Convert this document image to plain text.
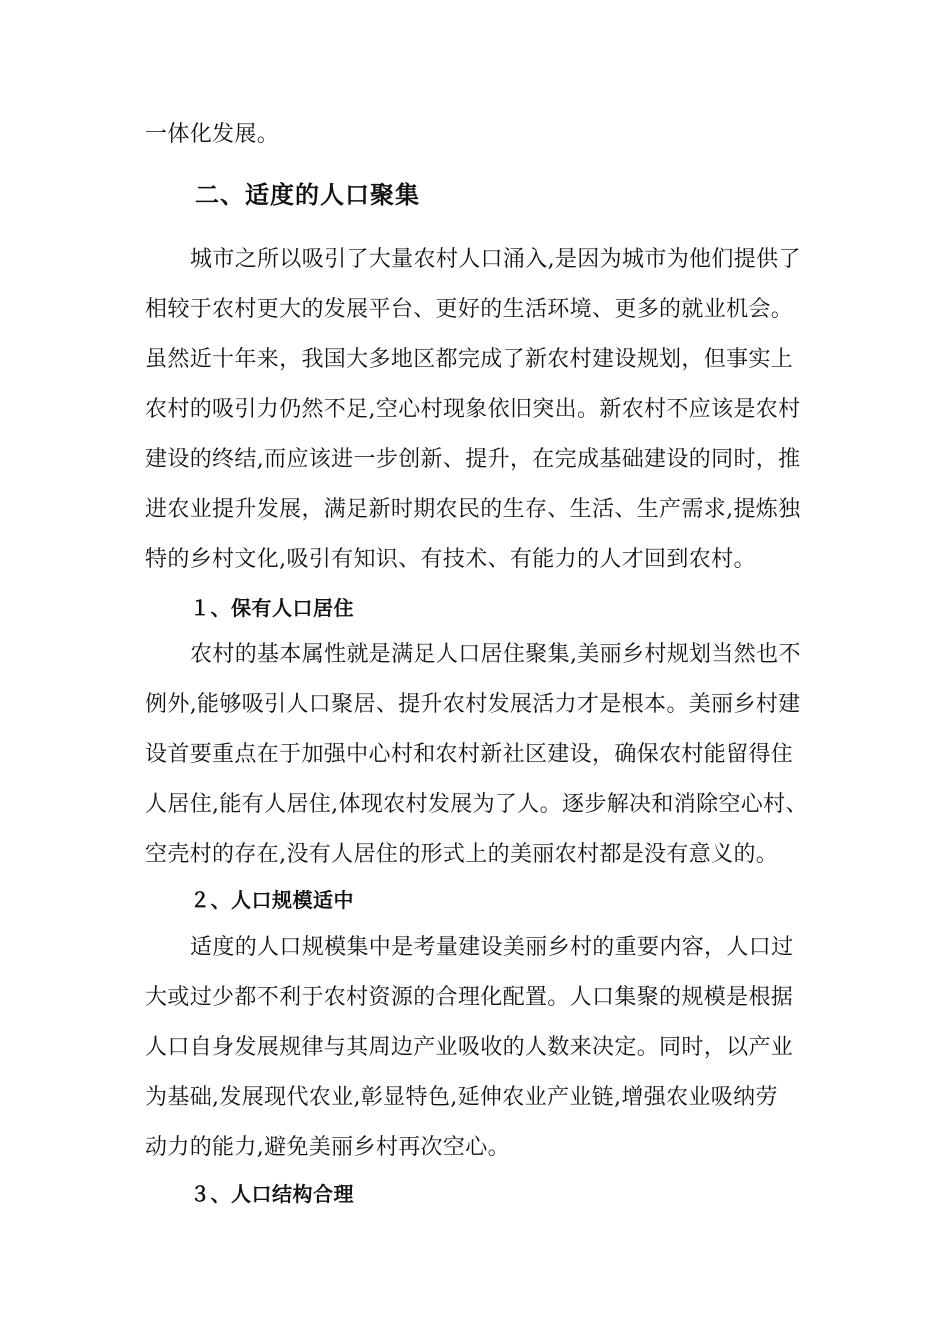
一体化发展。
二、适度的人口聚集
城市之所以吸引了大量农村人口涌入,是因为城市为他们提供了
相较于农村更大的发展平台、更好的生活环境、更多的就业机会。
虽然近十年来，我国大多地区都完成了新农村建设规划，但事实上
农村的吸引力仍然不足,空心村现象依旧突出。新农村不应该是农村
建设的终结,而应该进一步创新、提升，在完成基础建设的同时，推
进农业提升发展，满足新时期农民的生存、生活、生产需求,提炼独
特的乡村文化,吸引有知识、有技术、有能力的人才回到农村。
１、保有人口居住
农村的基本属性就是满足人口居住聚集,美丽乡村规划当然也不
例外,能够吸引人口聚居、提升农村发展活力才是根本。美丽乡村建
设首要重点在于加强中心村和农村新社区建设，确保农村能留得住
人居住,能有人居住,体现农村发展为了人。逐步解决和消除空心村、
空壳村的存在,没有人居住的形式上的美丽农村都是没有意义的。
２、人口规模适中
适度的人口规模集中是考量建设美丽乡村的重要内容，人口过
大或过少都不利于农村资源的合理化配置。人口集聚的规模是根据
人口自身发展规律与其周边产业吸收的人数来决定。同时，以产业
为基础,发展现代农业,彰显特色,延伸农业产业链,增强农业吸纳劳
动力的能力,避免美丽乡村再次空心。
３、人口结构合理
